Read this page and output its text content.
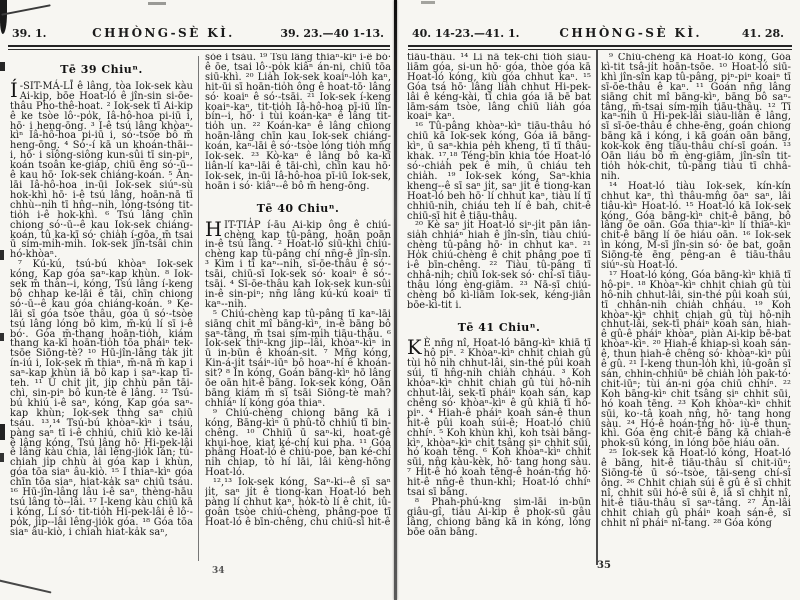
39. 1.	CHHÒNG-SÈ KÌ.	39. 23.—40 1-13.	40. 14-23.—41. 1.	CHHÒNG-SÈ KÌ.	41. 28.
Tē 39 Chiuⁿ.

Í -SIT-MÁ-LĪ ê lâng, tòa Iok-sek kàu Ai-kip, bōe Hoat-ló ê jîn-sin si-ōe-thâu Pho-thê-hoat. ² Iok-sek tī Ai-kip ê ke tsòe lô·-po̍k, Iâ-hô-hoa pi-iū i, hō· i heng-ōng. ³ I-ê tsú lâng khòaⁿ-kìⁿ Iâ-hô-hoa pi-iū i, só·-tsòe bô m̄ heng-ōng. ⁴ Só·-í kā un khoán-thāi--i, hō· i siông-siông kun-sûi tī sin-piⁿ, koán tsoân ke-gia̍p, chiū ēng só·-ū--ê kau hō· Iok-sek chiáng-koán. ⁵ Ān-lāi Iâ-hô-hoa in-ūi Iok-sek siúⁿ-sù hok-khì hō· i-ê tsú lâng, hoān-nā tī chhù--ni̍h tī hn̂g--ni̍h, lóng-tsóng tit-tio̍h i-ê hok-khì. ⁶ Tsú lâng chīn chiong só·-ū--ê kau Iok-sek chiáng-koán, tû ka-kī só· chia̍h í-gōa, m̄ tsai ū sím-mi̍h-mi̍h. Iok-sek jîn-tsâi chin hó-khòaⁿ.

⁷ Kú-kú, tsú-bú khòaⁿ Iok-sek kóng, Kap góa saⁿ-kap khùn. ⁸ Iok-sek m̄ thàn--i, kóng, Tsú lâng í-keng bô chhap ke-lāi ê tāi, chīn chiong só·-ū--ê kau góa chiáng-koán. ⁹ Ke-lāi sī góa tsòe thâu, góa ū só·-tsòe tsú lâng lóng bô kìm, m̄-kú lí sī i-ê bó·. Góa m̄-thang hoān-tio̍h, kiám thang ka-kī hoān-tio̍h tōa pháiⁿ tek-tsōe Siōng-tè? ¹⁰ Hū-jîn-lâng ta̍k ji̍t ín-iú i, Iok-sek m̄ thiaⁿ, m̄-nā m̄ kap i saⁿ-kap khùn iā bô kap i saⁿ-kap tī-teh. ¹¹ Ū chi̍t ji̍t, ji̍p chhù pān tāi-chì, sin-piⁿ bô kun-tè ê lâng. ¹² Tsú-bú khiú i-ê saⁿ, kóng, Kap góa saⁿ-kap khùn; Iok-sek thǹg saⁿ chiū tsáu. ¹³,¹⁴ Tsú-bú khòaⁿ-kìⁿ i tsáu, pàng saⁿ tī i-ê chhiú, chiū kiò ke-lāi ê lâng kóng, Tsú lâng hō· Hi-pek-lâi ê lâng kàu chia, lâi lêng-jio̍k lán; tú-chiah ji̍p chhù ài góa kap i khùn, góa tōa siaⁿ âu-kiò. ¹⁵ I thiaⁿ-kìⁿ góa chīn tōa siaⁿ, hiat-ka̍k saⁿ chiū tsáu. ¹⁶ Hū-jîn-lâng lâu i-ê saⁿ, thèng-hāu tsú lâng tò--lâi. ¹⁷ I-keng kàu chiū kā i kóng, Lí só· tit-tio̍h Hi-pek-lâi ê lô·-po̍k, ji̍p--lâi lêng-jio̍k góa. ¹⁸ Góa tōa siaⁿ âu-kiò, i chiah hiat-ka̍k saⁿ,

sòe i tsáu. ¹⁹ Tsú lâng thiaⁿ-kìⁿ i-ê bó· ê ōe, tsai lô·-po̍k kiâⁿ án-ni, chiū tōa siū-khì. ²⁰ Lia̍h Iok-sek koaiⁿ-lo̍h kaⁿ, hit-ūi sī hoān-tio̍h ông ê hoat-tō· lâng só· koaiⁿ ê só·-tsāi. ²¹ Iok-sek í-keng koaiⁿ-kaⁿ, tit-tio̍h Iâ-hô-hoa pī-iū lîn-bín--i, hō· i tùi koán-kaⁿ ê lâng tit-tio̍h un. ²² Koán-kaⁿ ê lâng chiong hoān-lâng chīn kau Iok-sek chiáng-koán, kaⁿ-lāi ê só·-tsòe lóng tio̍h mn̄g Iok-sek. ²³ Kò-kaⁿ ê lâng bô ka-kī liân-lí kaⁿ-lāi ê tāi-chì, chīn kau hō· Iok-sek, in-ūi Iâ-hô-hoa pī-iū Iok-sek, hoān i só· kiâⁿ--ê bô m̄ heng-ōng.

Tē 40 Chiuⁿ.

HIT-TIA̍P í-āu Ai-kip ông ê chiú-chèng kap tû-pâng, hoān poān in-ê tsú lâng. ² Hoat-ló siū-khì chiú-chèng kap tû-pâng chí nn̄g-ê jîn-sîn. ³ Kìm i tī kaⁿ--ni̍h, sī-ōe-thâu ê só·-tsāi, chiū-sī Iok-sek só· koaiⁿ ê só·-tsāi. ⁴ Sī-ōe-thâu kah Iok-sek kun-sûi in-ê sin-piⁿ; nn̄g lâng kú-kú koaiⁿ tī kaⁿ--ni̍h.

⁵ Chiú-chèng kap tû-pâng tī kaⁿ-lāi siāng chi̍t mî bāng-kìⁿ, in-ê bāng bô saⁿ-tâng, m̄ tsai sím-mi̍h tiāu-thâu. ⁶ Iok-sek thiⁿ-kng ji̍p--lâi, khòaⁿ-kìⁿ in ū in-būn ê khoán-sit. ⁷ Mn̄g kóng, Kin-á-ji̍t tsáiⁿ-iūⁿ bô hoaⁿ-hí ê khoán-sit? ⁸ In kóng, Goán bāng-kìⁿ hō lâng ōe oān hit-ê bāng. Iok-sek kóng, Oān bāng kiám m̄ sī tsāi Siōng-tè mah? chhiáⁿ lí kóng góa thiaⁿ.

⁹ Chiú-chèng chiong bāng kā i kóng, Bāng-kìⁿ ū phû-tô chhiū tī bin-chêng. ¹⁰ Chhiū ū saⁿ-ki, hoat-gê khui-hoe, kiat ké-chí kui pha. ¹¹ Góa phâng Hoat-ló ê chiú-poe, ban ké-chí ni̍h chiap, tò hí lāi, lâi kèng-hōng Hoat-ló.

¹²,¹³ Iok-sek kóng, Saⁿ-ki--ê sī saⁿ ji̍t, saⁿ ji̍t ê tiong-kan Hoat-ló beh pàng lí chhut kaⁿ, ho̍k-tò lí ê chit, iû-goân tsòe chiú-chèng, phâng-poe tī Hoat-ló ê bīn-chêng, chu chiū-sī hit-ê

tiāu-thâu. ¹⁴ Lí nā tek-chì tio̍h siàu-liām góa, si-un hō· góa, thòe góa kā Hoat-ló kóng, kiù góa chhut kaⁿ. ¹⁵ Góa tsá hō· lâng lia̍h chhut Hi-pek-lâi ê kéng-kài, tī chia góa iā bē bat lām-sám tsòe, lâng chiū lia̍h góa koaiⁿ kaⁿ.

¹⁶ Tû-pâng khòaⁿ-kìⁿ tiāu-thâu hó chiū kā Iok-sek kóng, Góa iā bāng-kìⁿ, ū saⁿ-khia pe̍h kheng, tī tī thâu-khak. ¹⁷,¹⁸ Téng-bīn khia tóe Hoat-ló só·-chia̍h pek ê mi̍h, ū chiáu teh chia̍h. ¹⁹ Iok-sek kóng, Saⁿ-khia kheng--ê sī saⁿ ji̍t, saⁿ ji̍t ê tiong-kan Hoat-ló beh hō· lí chhut kaⁿ, tiàu lí tī chhiū-ni̍h, chiáu teh lí ê bah, chit-ê chiū-sī hit ê tiāu-thâu.

²⁰ Kè saⁿ ji̍t Hoat-ló siⁿ-ji̍t pān iân-sia̍h chhiáⁿ hiah ê jîn-sîn, tiàu chiú-chèng tû-pâng hō· in chhut kaⁿ. ²¹ Ho̍k chiú-chèng ê chit phâng poe tī i-ê bīn-chêng. ²² Tiàu tû-pâng tī chhâ-ni̍h; chiū Iok-sek só· chí-sī tiāu-thâu lóng èng-giām. ²³ Nā-sī chiú-chèng bô kì-liām Iok-sek, kéng-jiân bōe-kì-tit i.

Tē 41 Chiuⁿ.

K È nn̄g nî, Hoat-ló bāng-kìⁿ khiā tī hô piⁿ. ² Khòaⁿ-kìⁿ chhit chiah gû tùi hô ni̍h chhut-lâi, sin-thé pûi koah súi, tī hn̂g-ni̍h chia̍h chháu. ³ Koh khòaⁿ-kìⁿ chhit chiah gû tùi hô-ni̍h chhut-lâi, sek-tī pháiⁿ koah sán, kap chêng só· khòaⁿ-kìⁿ ê gû khiā tī hô-piⁿ. ⁴ Hiah-ê pháiⁿ koah sán-ê thun hit-ê pûi koah súi-ê; Hoat-ló chiū chhíⁿ. ⁵ Koh khùn khì, koh tsài bāng-kìⁿ, khòaⁿ-kìⁿ chi̍t tsâng siⁿ chhit sūi, hó koah tēng. ⁶ Koh khòaⁿ-kìⁿ chhit sūi, nn̂g kàu-kèk, hō· tang hong sàu. ⁷ Hit-ê hó koah tēng-ê hoán-tńg hō· hit-ê nn̄g-ê thun-khì; Hoat-ló chhíⁿ tsai sī bāng.

⁸ Phah-phú-kng sim-lāi in-būn giâu-gî, tiàu Ai-kip ê phok-sū gâu lâng, chiong bāng kā in kóng, lóng bōe oān bāng.

⁹ Chiú-chèng kā Hoat-ló kóng, Góa kì-tit tsâ-ji̍t hoān-tsōe. ¹⁰ Hoat-ló siū-khì jîn-sîn kap tû-pâng, piⁿ-piⁿ koaiⁿ tī sī-ōe-thâu ê kaⁿ. ¹¹ Goán nn̄g lâng siāng chi̍t mî bāng-kìⁿ, bāng bô saⁿ-tâng, m̄-tsai sím-mi̍h tiāu-thâu. ¹² Tī kaⁿ-ni̍h ū Hi-pek-lâi siàu-liân ê lâng, sī sī-ōe-thâu ê chhe-ēng, goán chiong bāng kā i kóng, i kā goán oān bāng, kok-kok ēng tiāu-thâu chí-sī goán. ¹³ Oān liáu bô m̄ èng-giām, jîn-sîn tit-tio̍h ho̍k-chit, tû-pâng tiàu tī chhâ-ni̍h.

¹⁴ Hoat-ló tiàu Iok-sek, kín-kín chhut kaⁿ, thì thâu-mn̂g ōaⁿ saⁿ, lâi tiâu-kìⁿ Hoat-ló. ¹⁵ Hoat-ló kā Iok-sek kóng, Góa bāng-kìⁿ chit-ê bāng, bô lâng ōe oān. Góa thiaⁿ-kìⁿ lí thiaⁿ-kìⁿ chit-ê bāng lí ōe hiáu oān. ¹⁶ Iok-sek ìn kóng, M̄-sī jîn-sin só· ōe bat, goān Siōng-tè ēng pêng-an ê tiāu-thâu siúⁿ-sù Hoat-ló.

¹⁷ Hoat-ló kóng, Góa bāng-kìⁿ khiā tī hô-piⁿ. ¹⁸ Khòaⁿ-kìⁿ chhit chiah gû tùi hô-ni̍h chhut-lâi, sin-thé pûi koah súi, tī chhân-ni̍h chia̍h chháu. ¹⁹ Koh khòaⁿ-kìⁿ chhit chiah gû tùi hô-ni̍h chhut-lâi, sek-tī pháiⁿ koah sán, hiah-ê gû-ê pháiⁿ khòaⁿ, piàn Ai-kip bē-bat khòaⁿ-kìⁿ. ²⁰ Hiah-ê khiap-sì koah sán-ê, thun hiah-ê chêng só· khòaⁿ-kìⁿ pûi ê gû. ²¹ Í-keng thun-lo̍h khì, iû-goân sī sán, chhin-chhiūⁿ bē chia̍h lo̍h pak-tó· chit-iūⁿ; tùi án-ni góa chiū chhíⁿ. ²² Koh bāng-kìⁿ chit tsâng siⁿ chhit sūi, hó koah tēng. ²³ Koh khòaⁿ-kìⁿ chhit sūi, ko·-tâ koah nn̂g, hō· tang hong sàu. ²⁴ Hó-ê hoán-tńg hō· iù-ê thun-khì. Góa ēng chit-ê bāng kā chiah-ê phok-sū kóng, in lóng bōe hiáu oān.

²⁵ Iok-sek kā Hoat-ló kóng, Hoat-ló ê bāng, hit-ê tiāu-thâu sī chit-iūⁿ; Siōng-tè ū só·-tsòe, tāi-seng chí-sī ông. ²⁶ Chhit chiah súi ê gû ê sī chhit nî, chhit sūi hó-ê sūi ê, iā sī chhit nî, hit-ê tiāu-thâu sī saⁿ-tâng. ²⁷ Ān-lâi chhit chiah gû pháiⁿ koah sán-ê, sī chhit nî pháiⁿ nî-tang. ²⁸ Góa kóng

34	35
